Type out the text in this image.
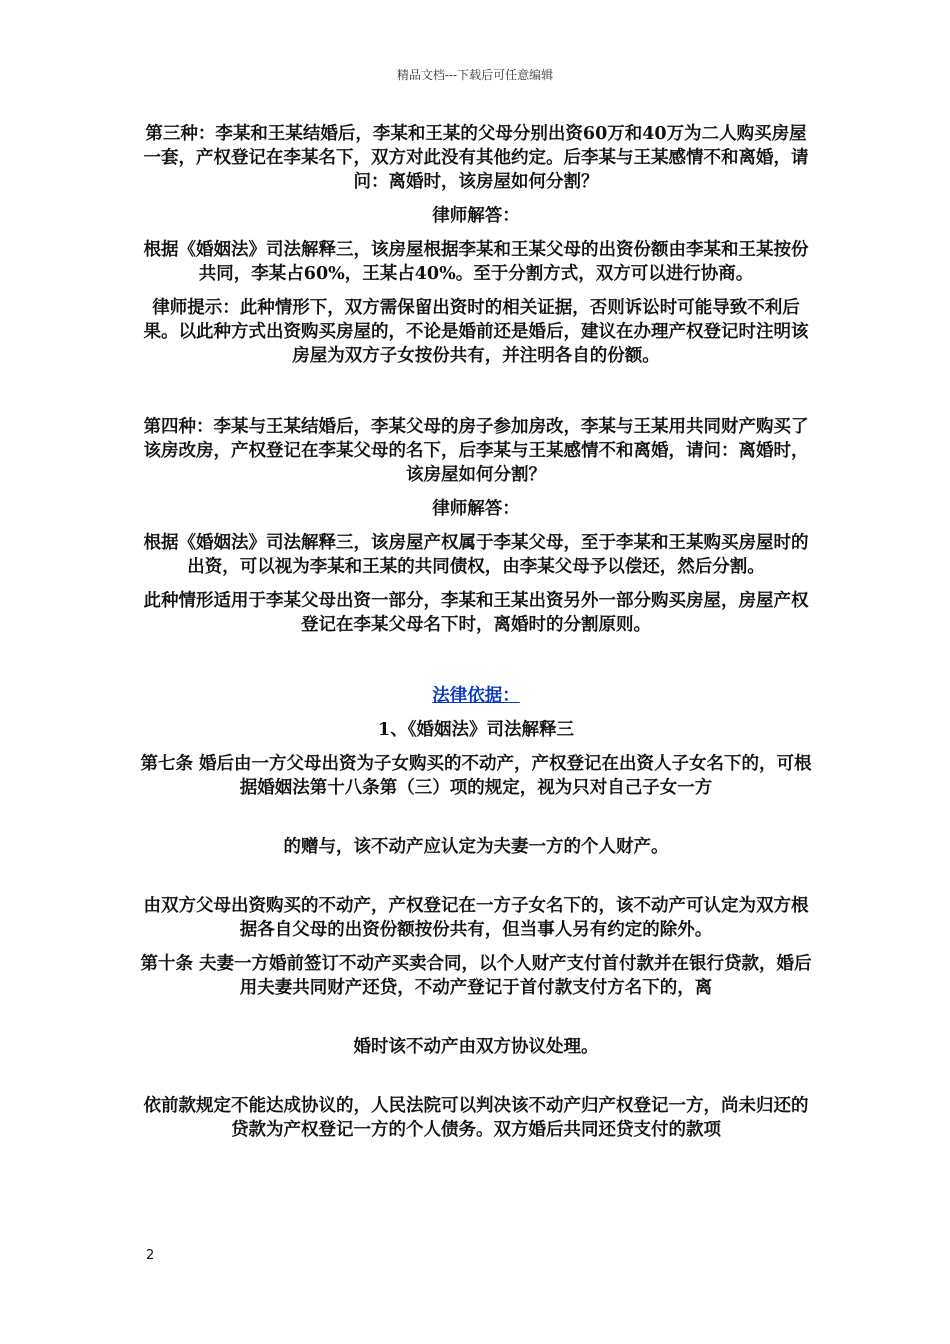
精品文档---下载后可任意编辑

第三种：李某和王某结婚后，李某和王某的父母分别出资60万和40万为二人购买房屋一套，产权登记在李某名下，双方对此没有其他约定。后李某与王某感情不和离婚，请问：离婚时，该房屋如何分割？

律师解答：

根据《婚姻法》司法解释三，该房屋根据李某和王某父母的出资份额由李某和王某按份共同，李某占60%，王某占40%。至于分割方式，双方可以进行协商。

律师提示：此种情形下，双方需保留出资时的相关证据，否则诉讼时可能导致不利后果。以此种方式出资购买房屋的，不论是婚前还是婚后，建议在办理产权登记时注明该房屋为双方子女按份共有，并注明各自的份额。

第四种：李某与王某结婚后，李某父母的房子参加房改，李某与王某用共同财产购买了该房改房，产权登记在李某父母的名下，后李某与王某感情不和离婚，请问：离婚时，该房屋如何分割？

律师解答：

根据《婚姻法》司法解释三，该房屋产权属于李某父母，至于李某和王某购买房屋时的出资，可以视为李某和王某的共同债权，由李某父母予以偿还，然后分割。

此种情形适用于李某父母出资一部分，李某和王某出资另外一部分购买房屋，房屋产权登记在李某父母名下时，离婚时的分割原则。

法律依据：

1、《婚姻法》司法解释三

第七条 婚后由一方父母出资为子女购买的不动产，产权登记在出资人子女名下的，可根据婚姻法第十八条第（三）项的规定，视为只对自己子女一方

的赠与，该不动产应认定为夫妻一方的个人财产。

由双方父母出资购买的不动产，产权登记在一方子女名下的，该不动产可认定为双方根据各自父母的出资份额按份共有，但当事人另有约定的除外。

第十条 夫妻一方婚前签订不动产买卖合同，以个人财产支付首付款并在银行贷款，婚后用夫妻共同财产还贷，不动产登记于首付款支付方名下的，离

婚时该不动产由双方协议处理。

依前款规定不能达成协议的，人民法院可以判决该不动产归产权登记一方，尚未归还的贷款为产权登记一方的个人债务。双方婚后共同还贷支付的款项

2
